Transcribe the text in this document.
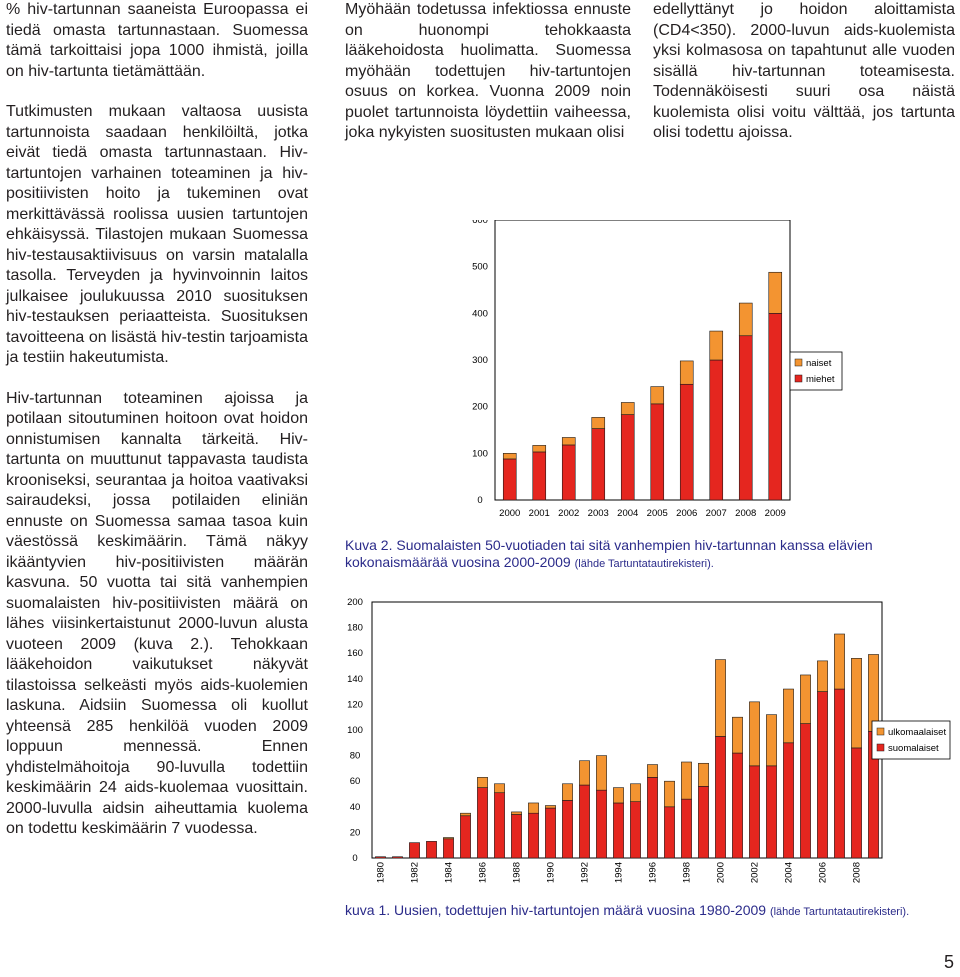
% hiv-tartunnan saaneista Euroopassa ei tiedä omasta tartunnastaan. Suomessa tämä tarkoittaisi jopa 1000 ihmistä, joilla on hiv-tartunta tietämättään.

Tutkimusten mukaan valtaosa uusista tartunnoista saadaan henkilöiltä, jotka eivät tiedä omasta tartunnastaan. Hiv-tartuntojen varhainen toteaminen ja hiv-positiivisten hoito ja tukeminen ovat merkittävässä roolissa uusien tartuntojen ehkäisyssä. Tilastojen mukaan Suomessa hiv-testausaktiivisuus on varsin matalalla tasolla. Terveyden ja hyvinvoinnin laitos julkaisee joulukuussa 2010 suosituksen hiv-testauksen periaatteista. Suosituksen tavoitteena on lisästä hiv-testin tarjoamista ja testiin hakeutumista.

Hiv-tartunnan toteaminen ajoissa ja potilaan sitoutuminen hoitoon ovat hoidon onnistumisen kannalta tärkeitä. Hiv-tartunta on muuttunut tappavasta taudista krooniseksi, seurantaa ja hoitoa vaativaksi sairaudeksi, jossa potilaiden eliniän ennuste on Suomessa samaa tasoa kuin väestössä keskimäärin. Tämä näkyy ikääntyvien hiv-positiivisten määrän kasvuna. 50 vuotta tai sitä vanhempien suomalaisten hiv-positiivisten määrä on lähes viisinkertaistunut 2000-luvun alusta vuoteen 2009 (kuva 2.). Tehokkaan lääkehoidon vaikutukset näkyvät tilastoissa selkeästi myös aids-kuolemien laskuna. Aidsiin Suomessa oli kuollut yhteensä 285 henkilöä vuoden 2009 loppuun mennessä. Ennen yhdistelmähoitoja 90-luvulla todettiin keskimäärin 24 aids-kuolemaa vuosittain. 2000-luvulla aidsin aiheuttamia kuolema on todettu keskimäärin 7 vuodessa.

Myöhään todetussa infektiossa ennuste on huonompi tehokkaasta lääkehoidosta huolimatta. Suomessa myöhään todettujen hiv-tartuntojen osuus on korkea. Vuonna 2009 noin puolet tartunnoista löydettiin vaiheessa, joka nykyisten suositusten mukaan olisi

edellyttänyt jo hoidon aloittamista (CD4<350). 2000-luvun aids-kuolemista yksi kolmasosa on tapahtunut alle vuoden sisällä hiv-tartunnan toteamisesta. Todennäköisesti suuri osa näistä kuolemista olisi voitu välttää, jos tartunta olisi todettu ajoissa.

0
100
200
300
400
500
600
2000 2001 2002 2003 2004 2005 2006 2007 2008 2009
naiset
miehet
Kuva 2. Suomalaisten 50-vuotiaden tai sitä vanhempien hiv-tartunnan kanssa elävien kokonaismäärää vuosina 2000-2009 (lähde Tartuntatautirekisteri).
0
20
40
60
80
100
120
140
160
180
200
1980 1982 1984 1986 1988 1990 1992 1994 1996 1998 2000 2002 2004 2006 2008
ulkomaalaiset
suomalaiset
kuva 1. Uusien, todettujen hiv-tartuntojen määrä vuosina 1980-2009 (lähde Tartuntatautirekisteri).
5
